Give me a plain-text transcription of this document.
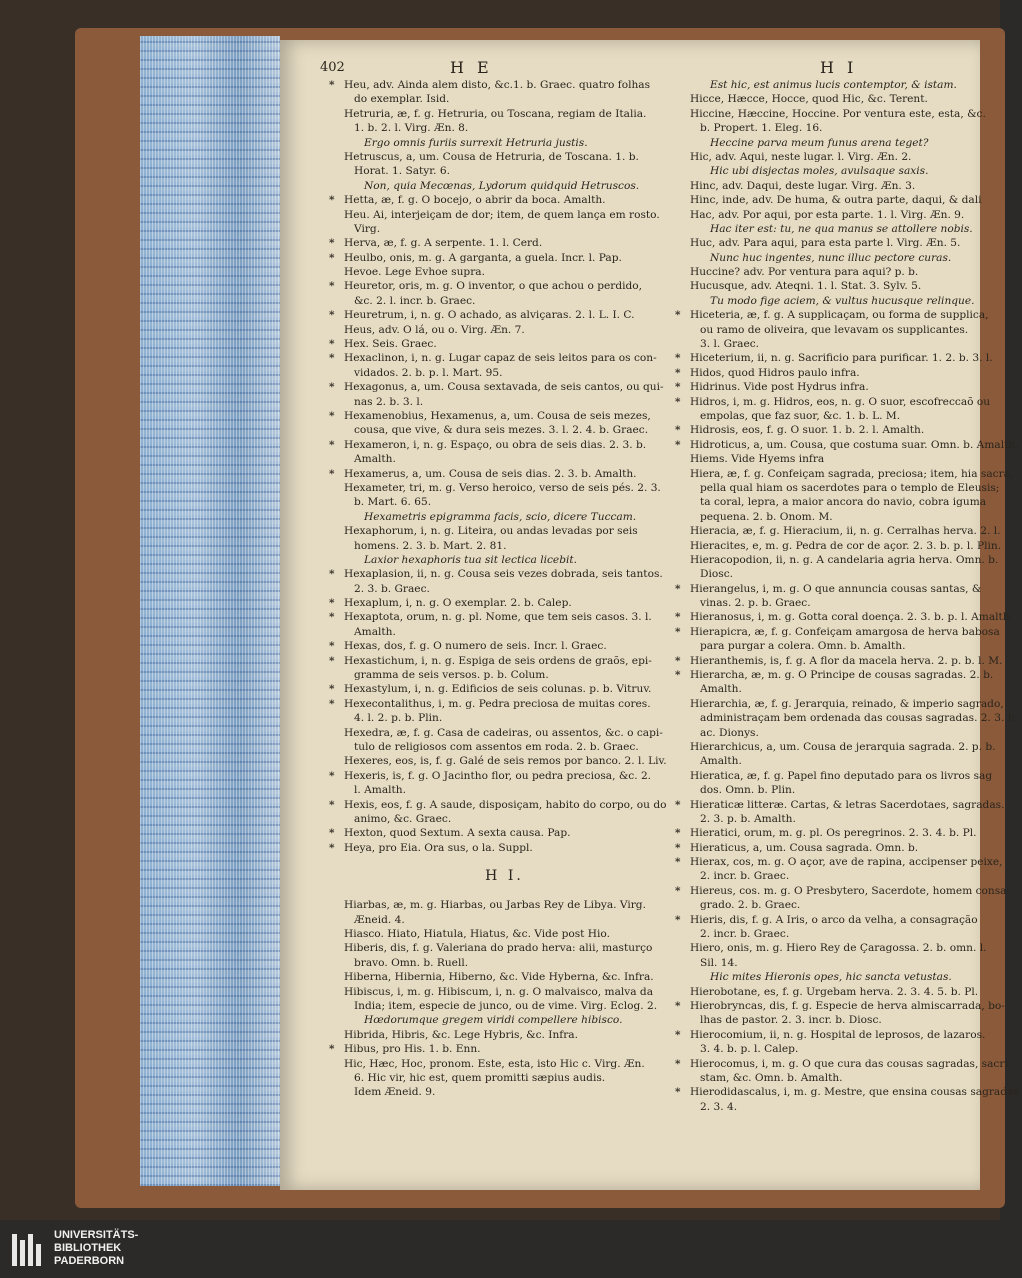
402	H E	H I
* Heu, adv. Ainda alem disto, &c.1. b. Graec. quatro folhas
do exemplar. Isid.
Hetruria, æ, f. g. Hetruria, ou Toscana, regiam de Italia.
1. b. 2. l. Virg. Æn. 8.
Ergo omnis furiis surrexit Hetruria justis.
Hetruscus, a, um. Cousa de Hetruria, de Toscana. 1. b.
Horat. 1. Satyr. 6.
Non, quia Mecœnas, Lydorum quidquid Hetruscos.
* Hetta, æ, f. g. O bocejo, o abrir da boca. Amalth.
Heu. Ai, interjeiçam de dor; item, de quem lança em rosto.
Virg.
* Herva, æ, f. g. A serpente. 1. l. Cerd.
* Heulbo, onis, m. g. A garganta, a guela. Incr. l. Pap.
Hevoe. Lege Evhoe supra.
* Heuretor, oris, m. g. O inventor, o que achou o perdido,
&c. 2. l. incr. b. Graec.
* Heuretrum, i, n. g. O achado, as alviçaras. 2. l. L. I. C.
Heus, adv. O lá, ou o. Virg. Æn. 7.
* Hex. Seis. Graec.
* Hexaclinon, i, n. g. Lugar capaz de seis leitos para os con-
vidados. 2. b. p. l. Mart. 95.
* Hexagonus, a, um. Cousa sextavada, de seis cantos, ou qui-
nas 2. b. 3. l.
* Hexamenobius, Hexamenus, a, um. Cousa de seis mezes,
cousa, que vive, & dura seis mezes. 3. l. 2. 4. b. Graec.
* Hexameron, i, n. g. Espaço, ou obra de seis dias. 2. 3. b.
Amalth.
* Hexamerus, a, um. Cousa de seis dias. 2. 3. b. Amalth.
Hexameter, tri, m. g. Verso heroico, verso de seis pés. 2. 3.
b. Mart. 6. 65.
Hexametris epigramma facis, scio, dicere Tuccam.
Hexaphorum, i, n. g. Liteira, ou andas levadas por seis
homens. 2. 3. b. Mart. 2. 81.
Laxior hexaphoris tua sit lectica licebit.
* Hexaplasion, ii, n. g. Cousa seis vezes dobrada, seis tantos.
2. 3. b. Graec.
* Hexaplum, i, n. g. O exemplar. 2. b. Calep.
* Hexaptota, orum, n. g. pl. Nome, que tem seis casos. 3. l.
Amalth.
* Hexas, dos, f. g. O numero de seis. Incr. l. Graec.
* Hexastichum, i, n. g. Espiga de seis ordens de graõs, epi-
gramma de seis versos. p. b. Colum.
* Hexastylum, i, n. g. Edificios de seis colunas. p. b. Vitruv.
* Hexecontalithus, i, m. g. Pedra preciosa de muitas cores.
4. l. 2. p. b. Plin.
Hexedra, æ, f. g. Casa de cadeiras, ou assentos, &c. o capi-
tulo de religiosos com assentos em roda. 2. b. Graec.
Hexeres, eos, is, f. g. Galé de seis remos por banco. 2. l. Liv.
* Hexeris, is, f. g. O Jacintho flor, ou pedra preciosa, &c. 2.
l. Amalth.
* Hexis, eos, f. g. A saude, disposiçam, habito do corpo, ou do
animo, &c. Graec.
* Hexton, quod Sextum. A sexta causa. Pap.
* Heya, pro Eia. Ora sus, o la. Suppl.
H I.
Hiarbas, æ, m. g. Hiarbas, ou Jarbas Rey de Libya. Virg.
Æneid. 4.
Hiasco. Hiato, Hiatula, Hiatus, &c. Vide post Hio.
Hiberis, dis, f. g. Valeriana do prado herva: alii, masturço
bravo. Omn. b. Ruell.
Hiberna, Hibernia, Hiberno, &c. Vide Hyberna, &c. Infra.
Hibiscus, i, m. g. Hibiscum, i, n. g. O malvaisco, malva da
India; item, especie de junco, ou de vime. Virg. Eclog. 2.
Hœdorumque gregem viridi compellere hibisco.
Hibrida, Hibris, &c. Lege Hybris, &c. Infra.
* Hibus, pro His. 1. b. Enn.
Hic, Hæc, Hoc, pronom. Este, esta, isto Hic c. Virg. Æn.
6. Hic vir, hic est, quem promitti sæpius audis.
Idem Æneid. 9.
Est hic, est animus lucis contemptor, & istam.
Hicce, Hæcce, Hocce, quod Hic, &c. Terent.
Hiccine, Hæccine, Hoccine. Por ventura este, esta, &c.
b. Propert. 1. Eleg. 16.
Heccine parva meum funus arena teget?
Hic, adv. Aqui, neste lugar. l. Virg. Æn. 2.
Hic ubi disjectas moles, avulsaque saxis.
Hinc, adv. Daqui, deste lugar. Virg. Æn. 3.
Hinc, inde, adv. De huma, & outra parte, daqui, & dali
Hac, adv. Por aqui, por esta parte. 1. l. Virg. Æn. 9.
Hac iter est: tu, ne qua manus se attollere nobis.
Huc, adv. Para aqui, para esta parte l. Virg. Æn. 5.
Nunc huc ingentes, nunc illuc pectore curas.
Huccine? adv. Por ventura para aqui? p. b.
Hucusque, adv. Ateqni. 1. l. Stat. 3. Sylv. 5.
Tu modo fige aciem, & vultus hucusque relinque.
* Hiceteria, æ, f. g. A supplicaçam, ou forma de supplica,
ou ramo de oliveira, que levavam os supplicantes.
3. l. Graec.
* Hiceterium, ii, n. g. Sacrificio para purificar. 1. 2. b. 3. l.
* Hidos, quod Hidros paulo infra.
* Hidrinus. Vide post Hydrus infra.
* Hidros, i, m. g. Hidros, eos, n. g. O suor, escofreccaõ ou
empolas, que faz suor, &c. 1. b. L. M.
* Hidrosis, eos, f. g. O suor. 1. b. 2. l. Amalth.
* Hidroticus, a, um. Cousa, que costuma suar. Omn. b. Amalth.
Hiems. Vide Hyems infra
Hiera, æ, f. g. Confeiçam sagrada, preciosa; item, hia sacra,
pella qual hiam os sacerdotes para o templo de Eleusis;
ta coral, lepra, a maior ancora do navio, cobra iguma
pequena. 2. b. Onom. M.
Hieracia, æ, f. g. Hieracium, ii, n. g. Cerralhas herva. 2. l.
Hieracites, e, m. g. Pedra de cor de açor. 2. 3. b. p. l. Plin.
Hieracopodion, ii, n. g. A candelaria agria herva. Omn. b.
Diosc.
* Hierangelus, i, m. g. O que annuncia cousas santas, &
vinas. 2. p. b. Graec.
* Hieranosus, i, m. g. Gotta coral doença. 2. 3. b. p. l. Amalth.
* Hierapicra, æ, f. g. Confeiçam amargosa de herva babosa
para purgar a colera. Omn. b. Amalth.
* Hieranthemis, is, f. g. A flor da macela herva. 2. p. b. l. M.
* Hierarcha, æ, m. g. O Principe de cousas sagradas. 2. b.
Amalth.
Hierarchia, æ, f. g. Jerarquia, reinado, & imperio sagrado,
administraçam bem ordenada das cousas sagradas. 2. 3. b.
ac. Dionys.
Hierarchicus, a, um. Cousa de jerarquia sagrada. 2. p. b.
Amalth.
Hieratica, æ, f. g. Papel fino deputado para os livros sag
dos. Omn. b. Plin.
* Hieraticæ litteræ. Cartas, & letras Sacerdotaes, sagradas.
2. 3. p. b. Amalth.
* Hieratici, orum, m. g. pl. Os peregrinos. 2. 3. 4. b. Pl.
* Hieraticus, a, um. Cousa sagrada. Omn. b.
* Hierax, cos, m. g. O açor, ave de rapina, accipenser peixe,
2. incr. b. Graec.
* Hiereus, cos. m. g. O Presbytero, Sacerdote, homem consa-
grado. 2. b. Graec.
* Hieris, dis, f. g. A Iris, o arco da velha, a consagração
2. incr. b. Graec.
Hiero, onis, m. g. Hiero Rey de Çaragossa. 2. b. omn. l.
Sil. 14.
Hic mites Hieronis opes, hic sancta vetustas.
Hierobotane, es, f. g. Urgebam herva. 2. 3. 4. 5. b. Pl.
* Hierobryncas, dis, f. g. Especie de herva almiscarrada, bo-
lhas de pastor. 2. 3. incr. b. Diosc.
* Hierocomium, ii, n. g. Hospital de leprosos, de lazaros.
3. 4. b. p. l. Calep.
* Hierocomus, i, m. g. O que cura das cousas sagradas, sacri-
stam, &c. Omn. b. Amalth.
* Hierodidascalus, i, m. g. Mestre, que ensina cousas sagradas.
2. 3. 4.
UNIVERSITÄTS-
BIBLIOTHEK
PADERBORN
